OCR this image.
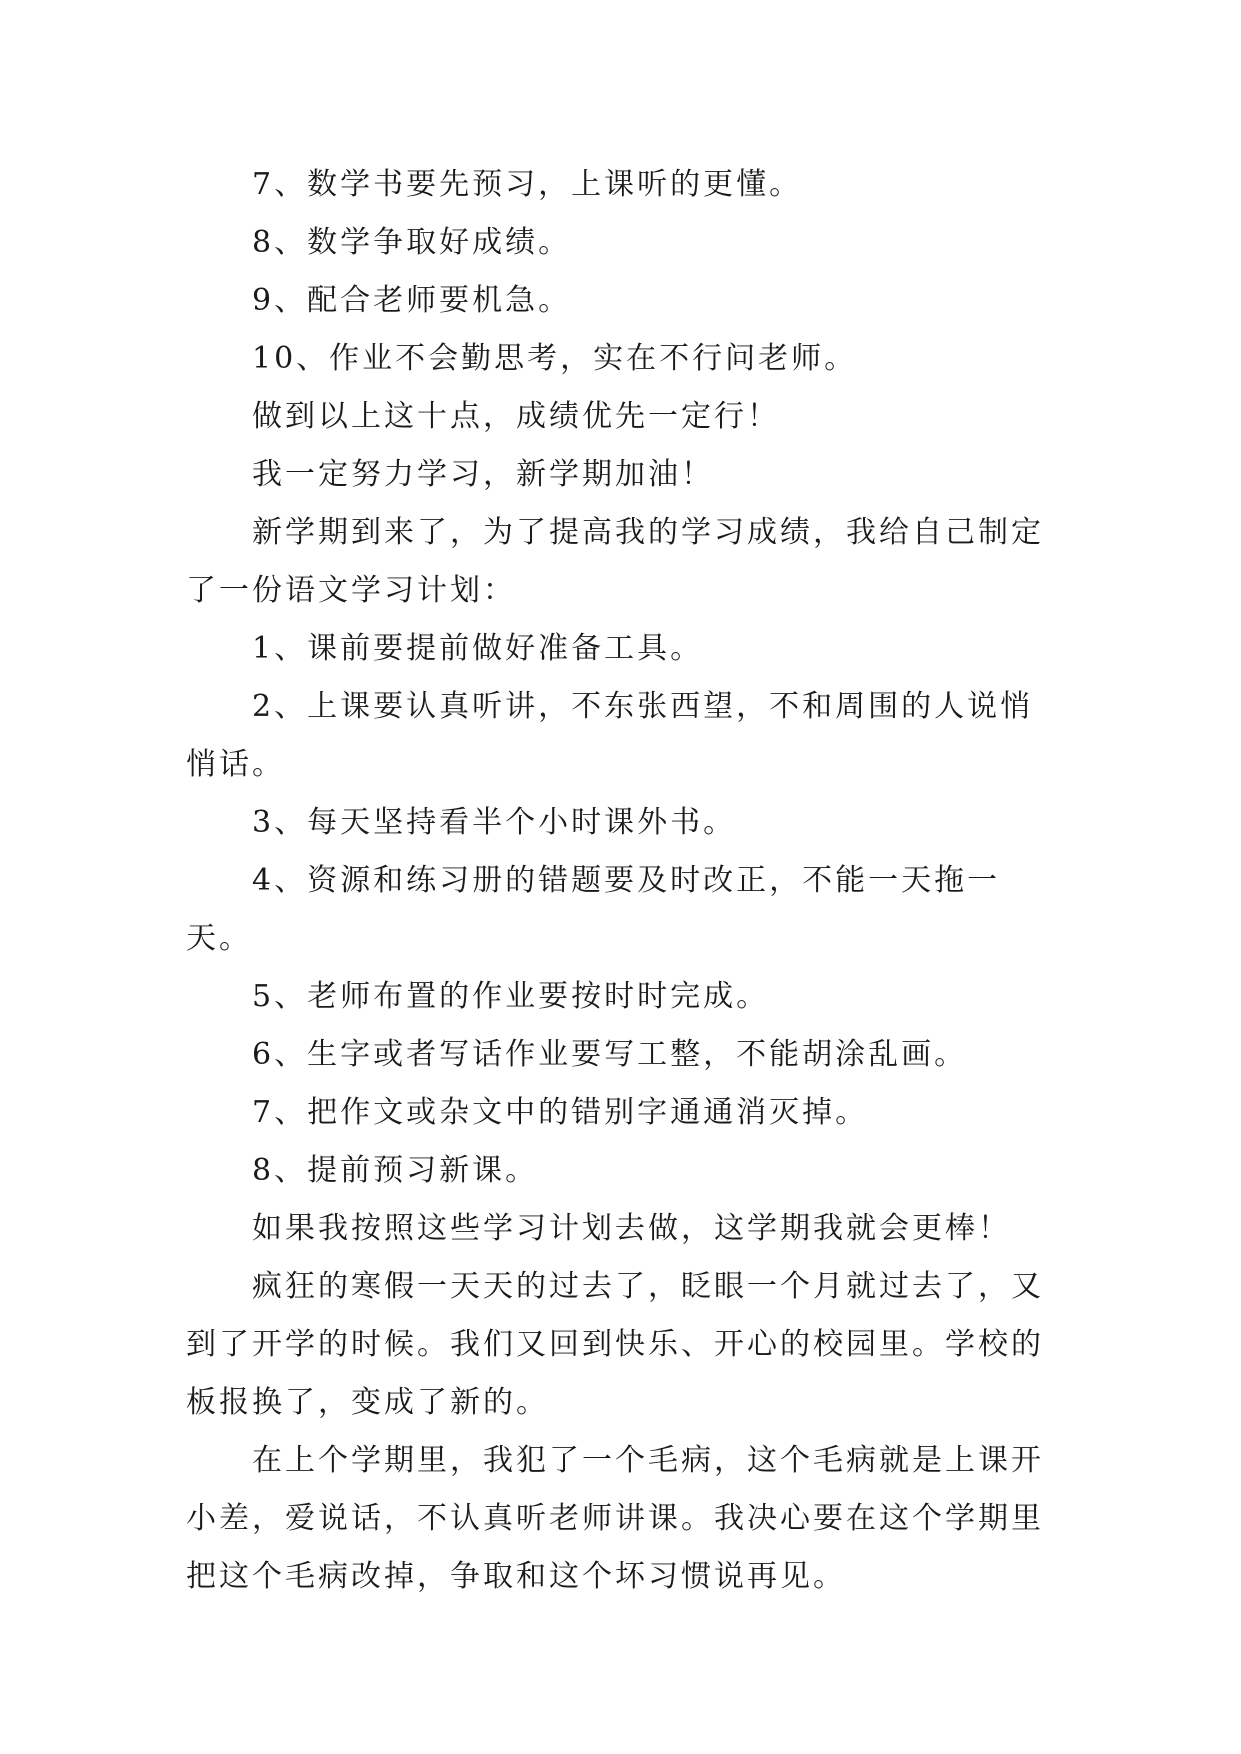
7、数学书要先预习，上课听的更懂。

8、数学争取好成绩。

9、配合老师要机急。

10、作业不会勤思考，实在不行问老师。

做到以上这十点，成绩优先一定行！

我一定努力学习，新学期加油！

新学期到来了，为了提高我的学习成绩，我给自己制定了一份语文学习计划：

1、课前要提前做好准备工具。

2、上课要认真听讲，不东张西望，不和周围的人说悄悄话。

3、每天坚持看半个小时课外书。

4、资源和练习册的错题要及时改正，不能一天拖一天。

5、老师布置的作业要按时时完成。

6、生字或者写话作业要写工整，不能胡涂乱画。

7、把作文或杂文中的错别字通通消灭掉。

8、提前预习新课。

如果我按照这些学习计划去做，这学期我就会更棒！

疯狂的寒假一天天的过去了，眨眼一个月就过去了，又到了开学的时候。我们又回到快乐、开心的校园里。学校的板报换了，变成了新的。

在上个学期里，我犯了一个毛病，这个毛病就是上课开小差，爱说话，不认真听老师讲课。我决心要在这个学期里把这个毛病改掉，争取和这个坏习惯说再见。
